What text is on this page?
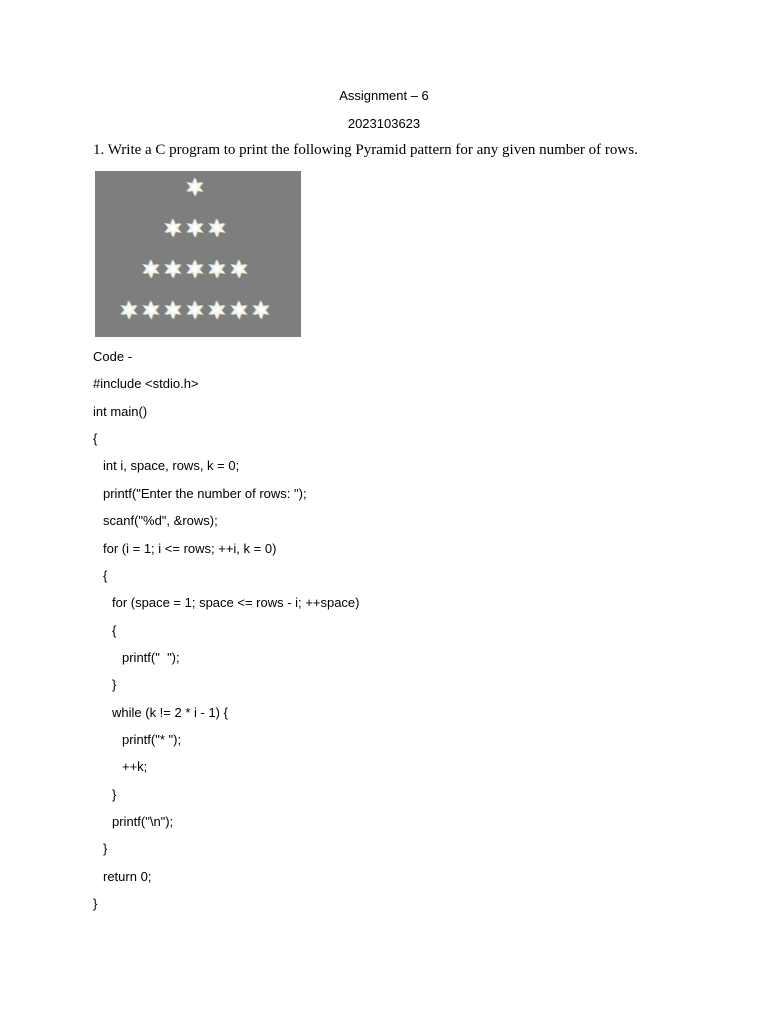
Assignment – 6
2023103623
1. Write a C program to print the following Pyramid pattern for any given number of rows.
Code -
#include <stdio.h>
int main()
{
int i, space, rows, k = 0;
printf("Enter the number of rows: ");
scanf("%d", &rows);
for (i = 1; i <= rows; ++i, k = 0)
{
for (space = 1; space <= rows - i; ++space)
{
printf("  ");
}
while (k != 2 * i - 1) {
printf("* ");
++k;
}
printf("\n");
}
return 0;
}
